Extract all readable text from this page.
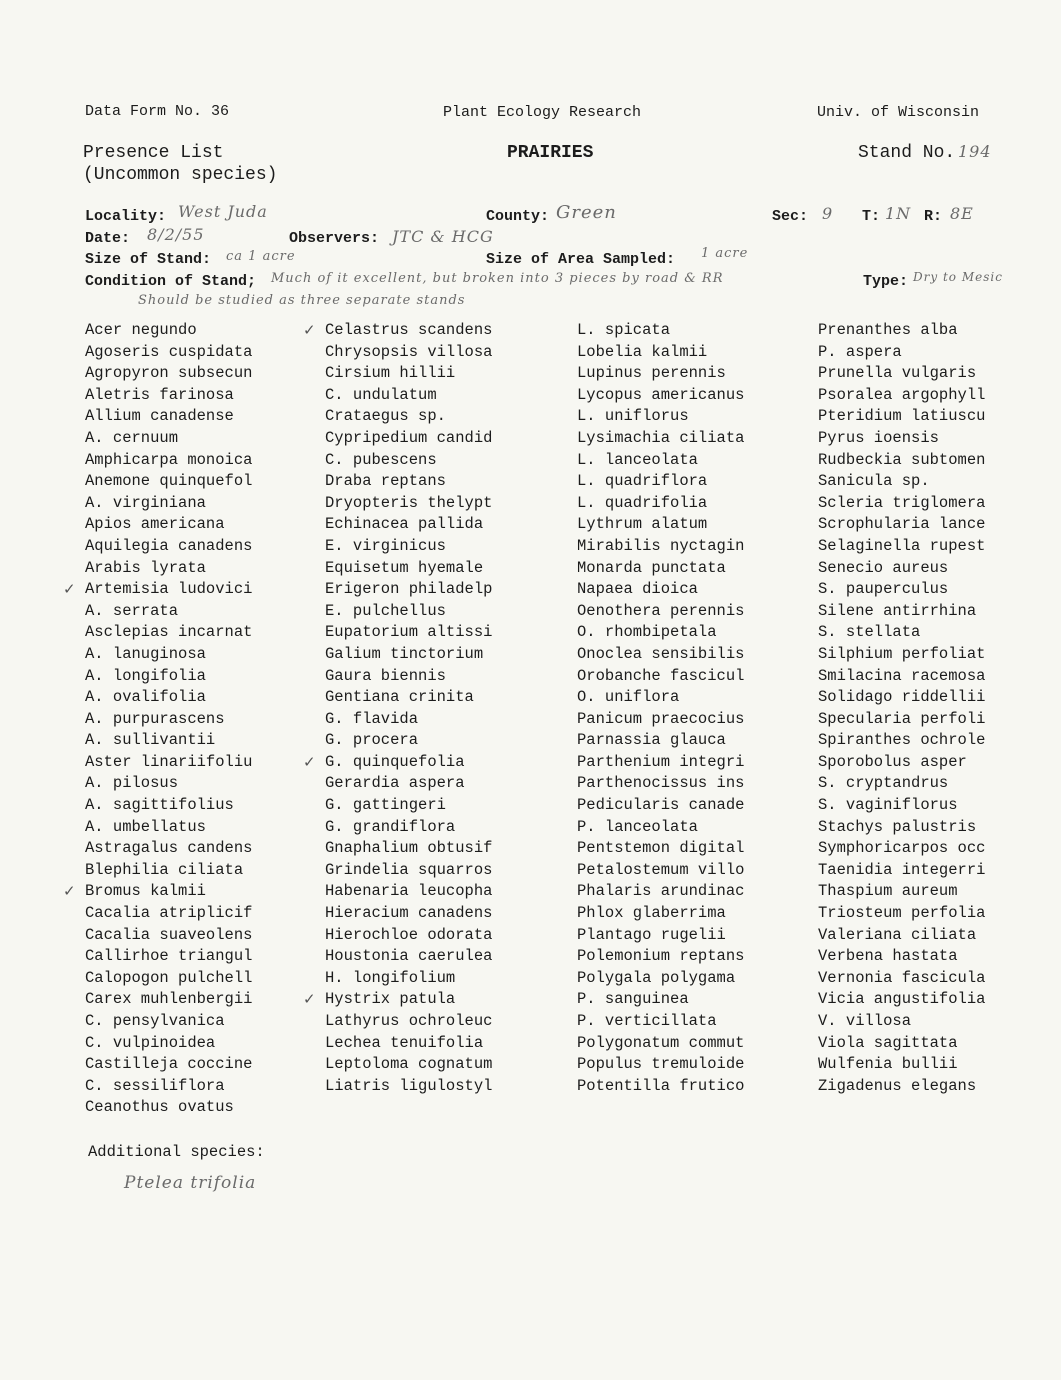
Data Form No. 36	Plant Ecology Research	Univ. of Wisconsin
Presence List
(Uncommon species)
PRAIRIES	Stand No. 194
Locality: West Juda	County: Green	Sec: 9 T: 1N R: 8E
Date: 8/2/55	Observers: JTC & HCG
Size of Stand: ca 1 acre	Size of Area Sampled: 1 acre
Condition of Stand; Much of it excellent, but broken into 3 pieces by road & RR
Should be studied as three separate stands
Type: Dry to Mesic
Acer negundo
Agoseris cuspidata
Agropyron subsecun
Aletris farinosa
Allium canadense
A. cernuum
Amphicarpa monoica
Anemone quinquefol
A. virginiana
Apios americana
Aquilegia canadens
Arabis lyrata
Artemisia ludovici
✓
A. serrata
Asclepias incarnat
A. lanuginosa
A. longifolia
A. ovalifolia
A. purpurascens
A. sullivantii
Aster linariifoliu
A. pilosus
A. sagittifolius
A. umbellatus
Astragalus candens
Blephilia ciliata
Bromus kalmii
✓
Cacalia atriplicif
Cacalia suaveolens
Callirhoe triangul
Calopogon pulchell
Carex muhlenbergii
C. pensylvanica
C. vulpinoidea
Castilleja coccine
C. sessiliflora
Ceanothus ovatus
Celastrus scandens
✓
Chrysopsis villosa
Cirsium hillii
C. undulatum
Crataegus sp.
Cypripedium candid
C. pubescens
Draba reptans
Dryopteris thelypt
Echinacea pallida
E. virginicus
Equisetum hyemale
Erigeron philadelp
E. pulchellus
Eupatorium altissi
Galium tinctorium
Gaura biennis
Gentiana crinita
G. flavida
G. procera
G. quinquefolia
✓
Gerardia aspera
G. gattingeri
G. grandiflora
Gnaphalium obtusif
Grindelia squarros
Habenaria leucopha
Hieracium canadens
Hierochloe odorata
Houstonia caerulea
H. longifolium
Hystrix patula
✓
Lathyrus ochroleuc
Lechea tenuifolia
Leptoloma cognatum
Liatris ligulostyl
L. spicata
Lobelia kalmii
Lupinus perennis
Lycopus americanus
L. uniflorus
Lysimachia ciliata
L. lanceolata
L. quadriflora
L. quadrifolia
Lythrum alatum
Mirabilis nyctagin
Monarda punctata
Napaea dioica
Oenothera perennis
O. rhombipetala
Onoclea sensibilis
Orobanche fascicul
O. uniflora
Panicum praecocius
Parnassia glauca
Parthenium integri
Parthenocissus ins
Pedicularis canade
P. lanceolata
Pentstemon digital
Petalostemum villo
Phalaris arundinac
Phlox glaberrima
Plantago rugelii
Polemonium reptans
Polygala polygama
P. sanguinea
P. verticillata
Polygonatum commut
Populus tremuloide
Potentilla frutico
Prenanthes alba
P. aspera
Prunella vulgaris
Psoralea argophyll
Pteridium latiuscu
Pyrus ioensis
Rudbeckia subtomen
Sanicula sp.
Scleria triglomera
Scrophularia lance
Selaginella rupest
Senecio aureus
S. pauperculus
Silene antirrhina
S. stellata
Silphium perfoliat
Smilacina racemosa
Solidago riddellii
Specularia perfoli
Spiranthes ochrole
Sporobolus asper
S. cryptandrus
S. vaginiflorus
Stachys palustris
Symphoricarpos occ
Taenidia integerri
Thaspium aureum
Triosteum perfolia
Valeriana ciliata
Verbena hastata
Vernonia fascicula
Vicia angustifolia
V. villosa
Viola sagittata
Wulfenia bullii
Zigadenus elegans
Additional species:
Ptelea trifolia
